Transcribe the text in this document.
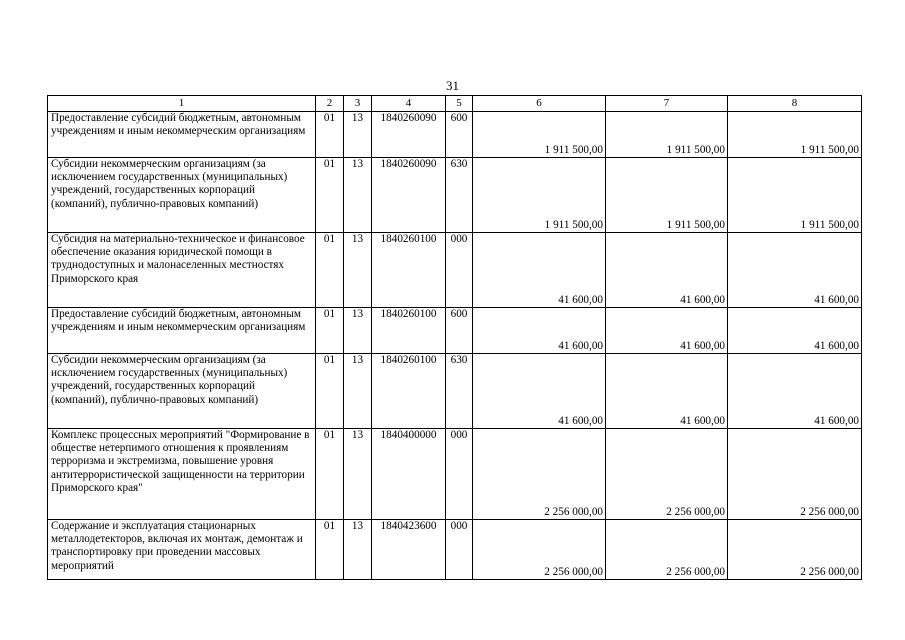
31
1	2	3	4	5	6	7	8
Предоставление субсидий бюджетным, автономным учреждениям и иным некоммерческим организациям	01	13	1840260090	600	1 911 500,00	1 911 500,00	1 911 500,00
Субсидии некоммерческим организациям (за исключением государственных (муниципальных) учреждений, государственных корпораций (компаний), публично-правовых компаний)	01	13	1840260090	630	1 911 500,00	1 911 500,00	1 911 500,00
Субсидия на материально-техническое и финансовое обеспечение оказания юридической помощи в труднодоступных и малонаселенных местностях Приморского края	01	13	1840260100	000	41 600,00	41 600,00	41 600,00
Предоставление субсидий бюджетным, автономным учреждениям и иным некоммерческим организациям	01	13	1840260100	600	41 600,00	41 600,00	41 600,00
Субсидии некоммерческим организациям (за исключением государственных (муниципальных) учреждений, государственных корпораций (компаний), публично-правовых компаний)	01	13	1840260100	630	41 600,00	41 600,00	41 600,00
Комплекс процессных мероприятий "Формирование в обществе нетерпимого отношения к проявлениям терроризма и экстремизма, повышение уровня антитеррористической защищенности на территории Приморского края"	01	13	1840400000	000	2 256 000,00	2 256 000,00	2 256 000,00
Содержание и эксплуатация стационарных металлодетекторов, включая их монтаж, демонтаж и транспортировку при проведении массовых мероприятий	01	13	1840423600	000	2 256 000,00	2 256 000,00	2 256 000,00
